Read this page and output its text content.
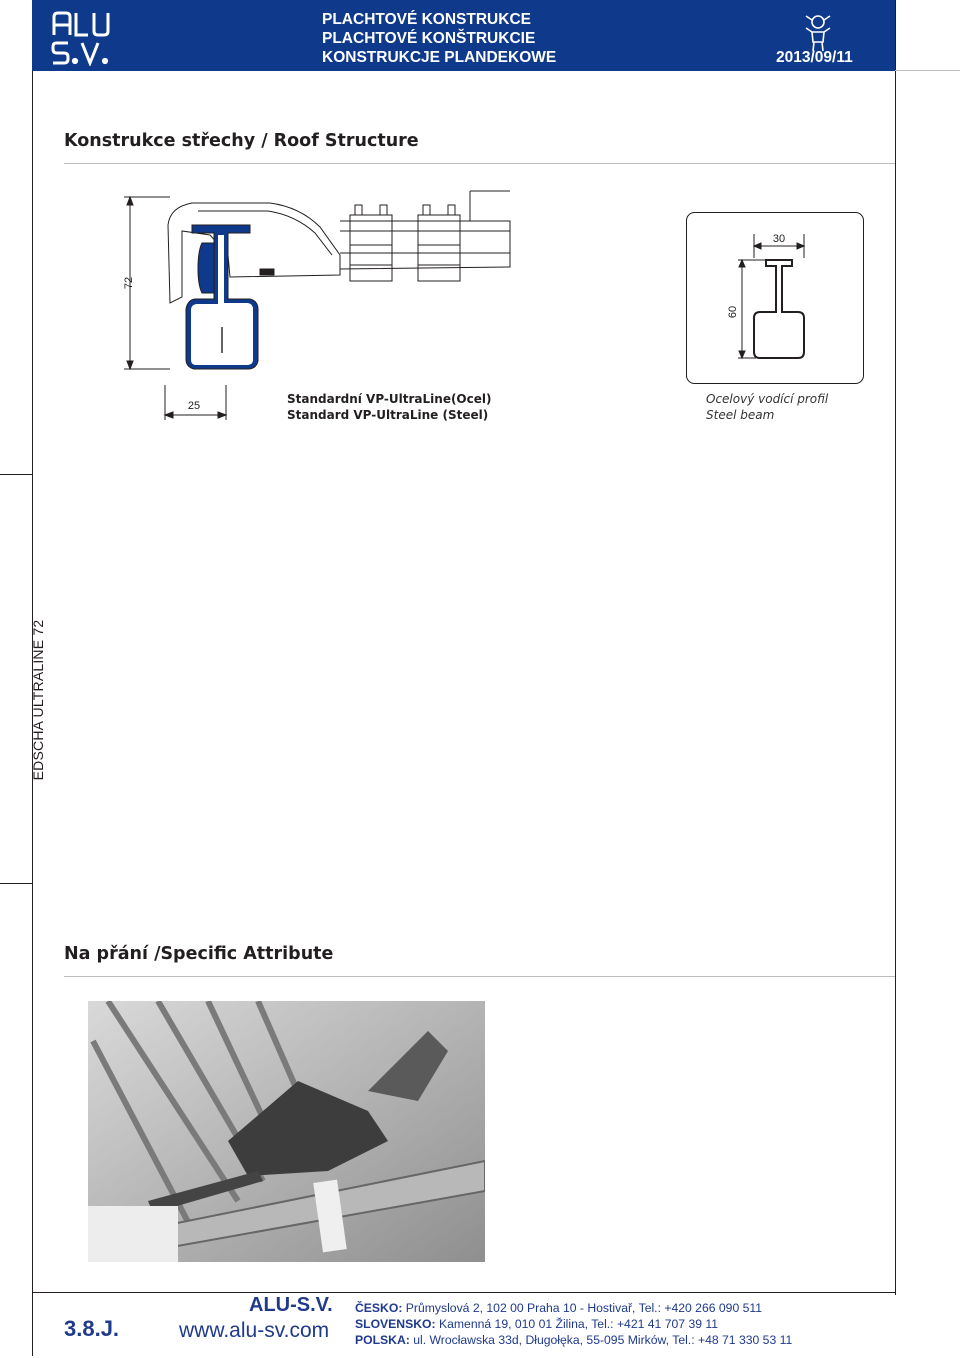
PLACHTOVÉ KONSTRUKCE
PLACHTOVÉ KONŠTRUKCIE
KONSTRUKCJE PLANDEKOWE	2013/09/11
EDSCHA ULTRALINE 72
Konstrukce střechy / Roof Structure
72
25	Standardní VP-UltraLine(Ocel)
Standard VP-UltraLine (Steel)
60
30
Ocelový vodící profil
Steel beam
Na přání /Specific Attribute
3.8.J.
ALU-S.V.
www.alu-sv.com
ČESKO: Průmyslová 2, 102 00 Praha 10 - Hostivař, Tel.: +420 266 090 511
SLOVENSKO: Kamenná 19, 010 01 Žilina, Tel.: +421 41 707 39 11
POLSKA: ul. Wrocławska 33d, Długołęka, 55-095 Mirków, Tel.: +48 71 330 53 11
